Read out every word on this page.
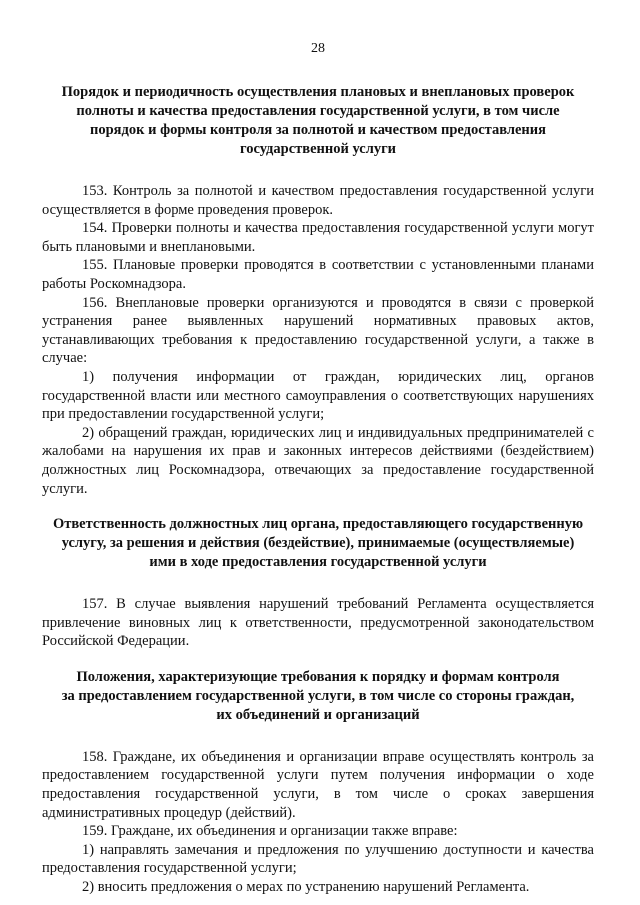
28
Порядок и периодичность осуществления плановых и внеплановых проверок
полноты и качества предоставления государственной услуги, в том числе
порядок и формы контроля за полнотой и качеством предоставления
государственной услуги

153. Контроль за полнотой и качеством предоставления государственной услуги осуществляется в форме проведения проверок.

154. Проверки полноты и качества предоставления государственной услуги могут быть плановыми и внеплановыми.

155. Плановые проверки проводятся в соответствии с установленными планами работы Роскомнадзора.

156. Внеплановые проверки организуются и проводятся в связи с проверкой устранения ранее выявленных нарушений нормативных правовых актов, устанавливающих требования к предоставлению государственной услуги, а также в случае:

1) получения информации от граждан, юридических лиц, органов государственной власти или местного самоуправления о соответствующих нарушениях при предоставлении государственной услуги;

2) обращений граждан, юридических лиц и индивидуальных предпринимателей с жалобами на нарушения их прав и законных интересов действиями (бездействием) должностных лиц Роскомнадзора, отвечающих за предоставление государственной услуги.

Ответственность должностных лиц органа, предоставляющего государственную
услугу, за решения и действия (бездействие), принимаемые (осуществляемые)
ими в ходе предоставления государственной услуги

157. В случае выявления нарушений требований Регламента осуществляется привлечение виновных лиц к ответственности, предусмотренной законодательством Российской Федерации.

Положения, характеризующие требования к порядку и формам контроля
за предоставлением государственной услуги, в том числе со стороны граждан,
их объединений и организаций

158. Граждане, их объединения и организации вправе осуществлять контроль за предоставлением государственной услуги путем получения информации о ходе предоставления государственной услуги, в том числе о сроках завершения административных процедур (действий).

159. Граждане, их объединения и организации также вправе:

1) направлять замечания и предложения по улучшению доступности и качества предоставления государственной услуги;

2) вносить предложения о мерах по устранению нарушений Регламента.
